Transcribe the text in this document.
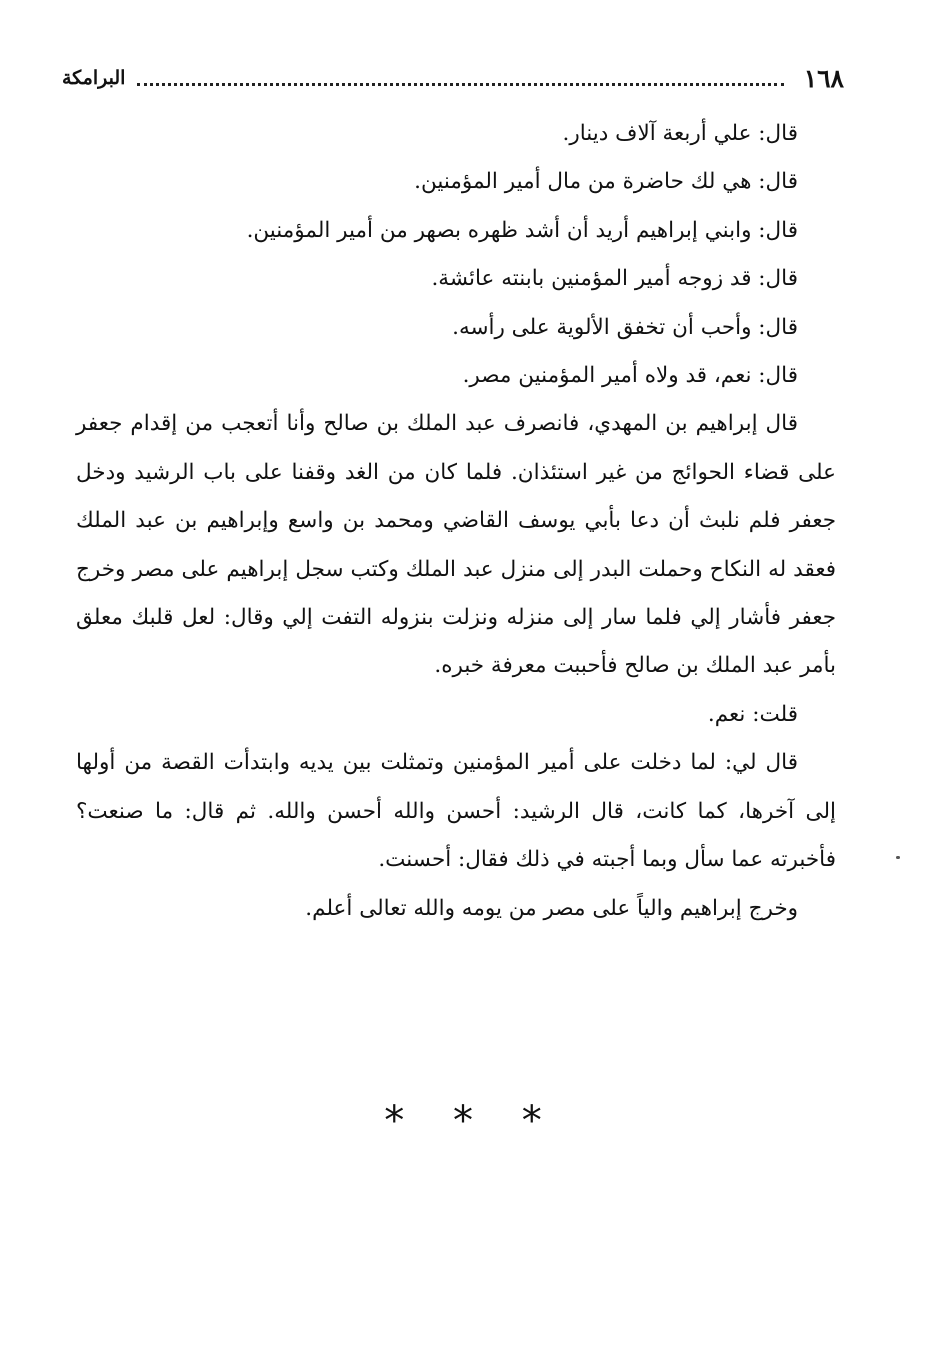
١٦٨
البرامكة
قال: علي أربعة آلاف دينار.
قال: هي لك حاضرة من مال أمير المؤمنين.
قال: وابني إبراهيم أريد أن أشد ظهره بصهر من أمير المؤمنين.
قال: قد زوجه أمير المؤمنين بابنته عائشة.
قال: وأحب أن تخفق الألوية على رأسه.
قال: نعم، قد ولاه أمير المؤمنين مصر.

قال إبراهيم بن المهدي، فانصرف عبد الملك بن صالح وأنا أتعجب من إقدام جعفر على قضاء الحوائج من غير استئذان. فلما كان من الغد وقفنا على باب الرشيد ودخل جعفر فلم نلبث أن دعا بأبي يوسف القاضي ومحمد بن واسع وإبراهيم بن عبد الملك فعقد له النكاح وحملت البدر إلى منزل عبد الملك وكتب سجل إبراهيم على مصر وخرج جعفر فأشار إلي فلما سار إلى منزله ونزلت بنزوله التفت إلي وقال: لعل قلبك معلق بأمر عبد الملك بن صالح فأحببت معرفة خبره.

قلت: نعم.

قال لي: لما دخلت على أمير المؤمنين وتمثلت بين يديه وابتدأت القصة من أولها إلى آخرها، كما كانت، قال الرشيد: أحسن والله أحسن والله. ثم قال: ما صنعت؟ فأخبرته عما سأل وبما أجبته في ذلك فقال: أحسنت.

وخرج إبراهيم والياً على مصر من يومه والله تعالى أعلم.

* * *
